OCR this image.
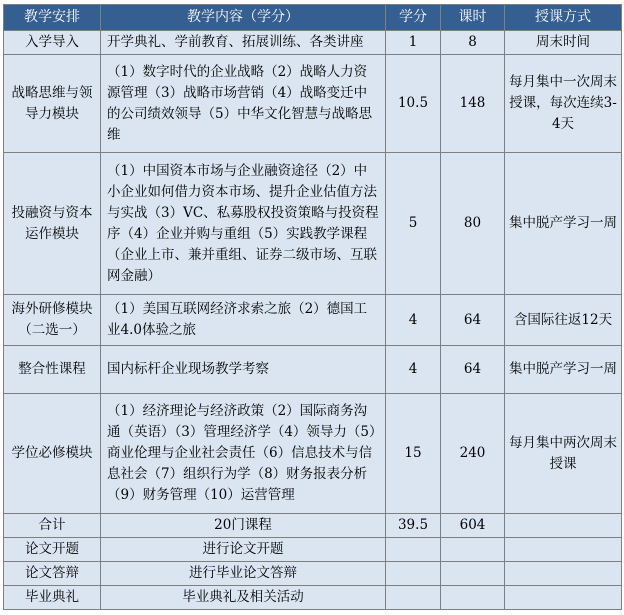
教学安排	教学内容（学分）	学分	课时	授课方式
入学导入	开学典礼、学前教育、拓展训练、各类讲座	1	8	周末时间
战略思维与领导力模块	（1）数字时代的企业战略（2）战略人力资源管理（3）战略市场营销（4）战略变迁中的公司绩效领导（5）中华文化智慧与战略思维	10.5	148	每月集中一次周末授课，每次连续3-4天
投融资与资本运作模块	（1）中国资本市场与企业融资途径（2）中小企业如何借力资本市场、提升企业估值方法与实战（3）VC、私募股权投资策略与投资程序（4）企业并购与重组（5）实践教学课程（企业上市、兼并重组、证券二级市场、互联网金融）	5	80	集中脱产学习一周
海外研修模块（二选一）	（1）美国互联网经济求索之旅（2）德国工业4.0体验之旅	4	64	含国际往返12天
整合性课程	国内标杆企业现场教学考察	4	64	集中脱产学习一周
学位必修模块	（1）经济理论与经济政策（2）国际商务沟通（英语）（3）管理经济学（4）领导力（5）商业伦理与企业社会责任（6）信息技术与信息社会（7）组织行为学（8）财务报表分析（9）财务管理（10）运营管理	15	240	每月集中两次周末授课
合计	20门课程	39.5	604	
论文开题	进行论文开题			
论文答辩	进行毕业论文答辩			
毕业典礼	毕业典礼及相关活动			
